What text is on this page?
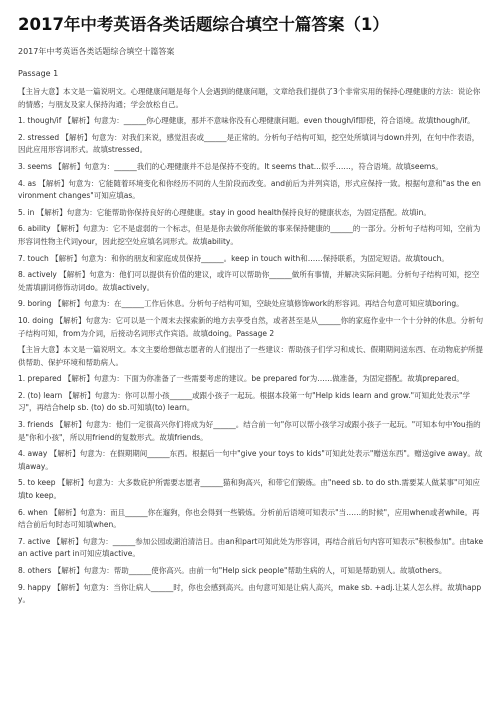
2017年中考英语各类话题综合填空十篇答案（1）
2017年中考英语各类话题综合填空十篇答案
Passage 1

【主旨大意】本文是一篇说明文。心理健康问题是每个人会遇到的健康问题，文章给我们提供了3个非常实用的保持心理健康的方法：说论你的情感；与朋友及家人保持沟通；学会放松自己。

1. though/if 【解析】句意为：______你心理健康，那并不意味你没有心理健康问题。even though/if即使，符合语境。故填though/if。

2. stressed 【解析】句意为：对我们来说，感觉沮丧或______是正常的。分析句子结构可知，挖空处所填词与down并列，在句中作表语，因此应用形容词形式。故填stressed。

3. seems 【解析】句意为：______我们的心理健康并不总是保持不变的。It seems that...似乎……，符合语境。故填seems。

4. as 【解析】句意为：它能随着环境变化和你经历不同的人生阶段而改变。and前后为并列宾语，形式应保持一致。根据句意和"as the environment changes"可知应填as。

5. in 【解析】句意为：它能帮助你保持良好的心理健康。stay in good health保持良好的健康状态，为固定搭配。故填in。

6. ability 【解析】句意为：它不是虚弱的一个标志，但是是你去做你所能做的事来保持健康的______的一部分。分析句子结构可知，空前为形容词性物主代词your，因此挖空处应填名词形式。故填ability。

7. touch 【解析】句意为：和你的朋友和家庭成员保持______。keep in touch with和……保持联系，为固定短语。故填touch。

8. actively 【解析】句意为：他们可以提供有价值的建议，或许可以帮助你______做所有事情，并解决实际问题。分析句子结构可知，挖空处需填副词修饰动词do。故填actively。

9. boring 【解析】句意为：在______工作后休息。分析句子结构可知，空缺处应填修饰work的形容词。再结合句意可知应填boring。

10. doing 【解析】句意为：它可以是一个周末去探索新的地方去享受自然，或者甚至是从______你的家庭作业中一个十分钟的休息。分析句子结构可知，from为介词，后接动名词形式作宾语。故填doing。Passage 2

【主旨大意】本文是一篇说明文。本文主要给想做志愿者的人们提出了一些建议：帮助孩子们学习和成长、假期期间送东西、在动物庇护所提供帮助、保护环境和帮助病人。

1. prepared 【解析】句意为：下面为你准备了一些需要考虑的建议。be prepared for为……做准备，为固定搭配。故填prepared。

2. (to) learn 【解析】句意为：你可以帮小孩______或跟小孩子一起玩。根据本段第一句"Help kids learn and grow."可知此处表示"学习"，再结合help sb. (to) do sb.可知填(to) learn。

3. friends 【解析】句意为：他们一定很高兴你们将成为好______。结合前一句"你可以帮小孩学习或跟小孩子一起玩。"可知本句中You指的是"你和小孩"，所以用friend的复数形式。故填friends。

4. away 【解析】句意为：在假期期间______东西。根据后一句中"give your toys to kids"可知此处表示"赠送东西"。赠送give away。故填away。

5. to keep 【解析】句意为：大多数庇护所需要志愿者______猫和狗高兴，和带它们锻炼。由"need sb. to do sth.需要某人做某事"可知应填to keep。

6. when 【解析】句意为：而且______你在遛狗，你也会得到一些锻炼。分析前后语境可知表示"当……的时候"，应用when或者while。再结合前后句时态可知填when。

7. active 【解析】句意为：______参加公园或湖泊清洁日。由an和part可知此处为形容词，再结合前后句内容可知表示"积极参加"。由take an active part in可知应填active。

8. others 【解析】句意为：帮助______使你高兴。由前一句"Help sick people"帮助生病的人，可知是帮助别人。故填others。

9. happy 【解析】句意为：当你让病人______时，你也会感到高兴。由句意可知是让病人高兴，make sb. +adj.让某人怎么样。故填happy。
